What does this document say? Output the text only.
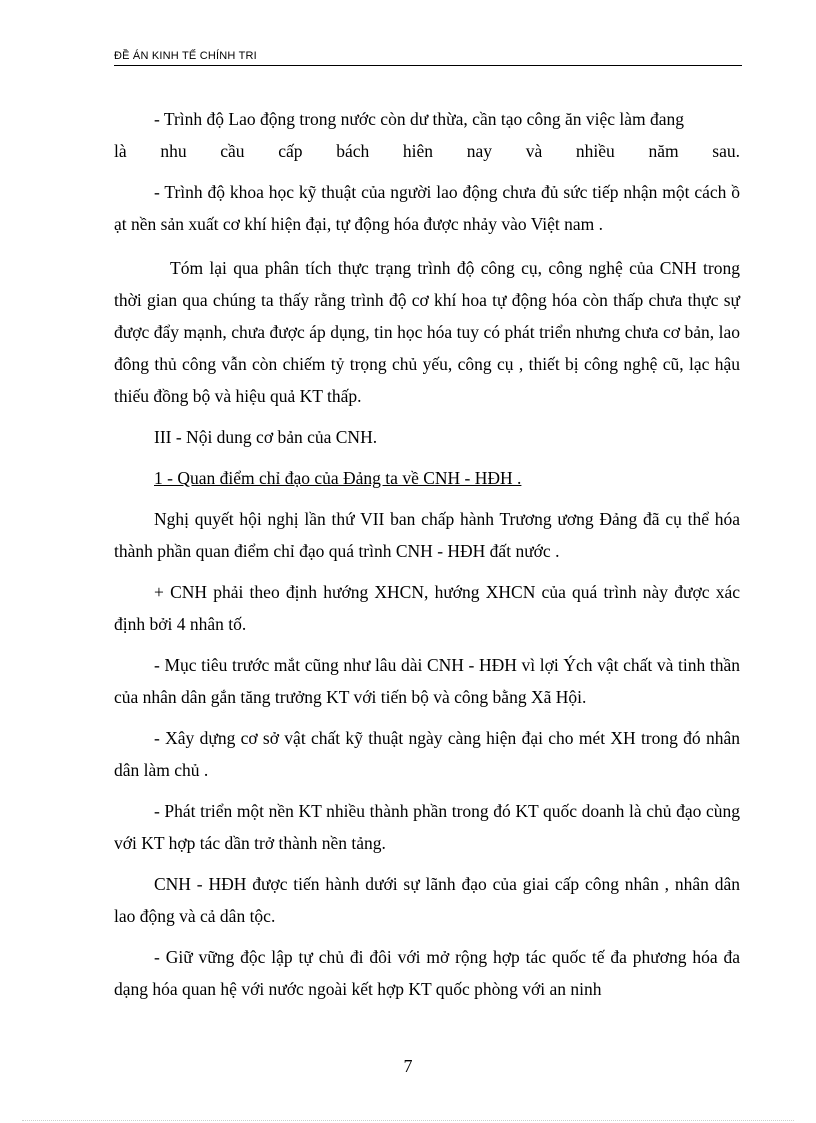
ĐỀ ÁN KINH TẾ CHÍNH TRI

- Trình độ Lao động trong nước còn dư thừa, cần tạo công ăn việc làm đang

là nhu cầu cấp bách hiên nay và nhiều năm sau.

- Trình độ khoa học kỹ thuật của người lao động chưa đủ sức tiếp nhận một cách ồ ạt nền sản xuất cơ khí hiện đại, tự động hóa được nhảy vào Việt nam .

Tóm lại qua phân tích thực trạng trình độ công cụ, công nghệ của CNH trong thời gian qua chúng ta thấy rằng trình độ cơ khí hoa tự động hóa còn thấp chưa thực sự được đẩy mạnh, chưa được áp dụng, tin học hóa tuy có phát triển nhưng chưa cơ bản, lao đông thủ công vẫn còn chiếm tỷ trọng chủ yếu, công cụ , thiết bị công nghệ cũ, lạc hậu thiếu đồng bộ và hiệu quả KT thấp.

III - Nội dung cơ bản của CNH.

1 - Quan điểm chỉ đạo của Đảng ta về CNH - HĐH .

Nghị quyết hội nghị lần thứ VII ban chấp hành Trương ương Đảng đã cụ thể hóa thành phần quan điểm chỉ đạo quá trình CNH - HĐH đất nước .

+ CNH phải theo định hướng XHCN, hướng XHCN của quá trình này được xác định bởi 4 nhân tố.

- Mục tiêu trước mắt cũng như lâu dài CNH - HĐH vì lợi Ých vật chất và tinh thần của nhân dân gắn tăng trưởng KT với tiến bộ và công bằng Xã Hội.

- Xây dựng cơ sở vật chất kỹ thuật ngày càng hiện đại cho mét XH trong đó nhân dân làm chủ .

- Phát triển một nền KT nhiều thành phần trong đó KT quốc doanh là chủ đạo cùng với KT hợp tác dần trở thành nền tảng.

CNH - HĐH được tiến hành dưới sự lãnh đạo của giai cấp công nhân , nhân dân lao động và cả dân tộc.

- Giữ vững độc lập tự chủ đi đôi với mở rộng hợp tác quốc tế đa phương hóa đa dạng hóa quan hệ với nước ngoài kết hợp KT quốc phòng với an ninh

7
